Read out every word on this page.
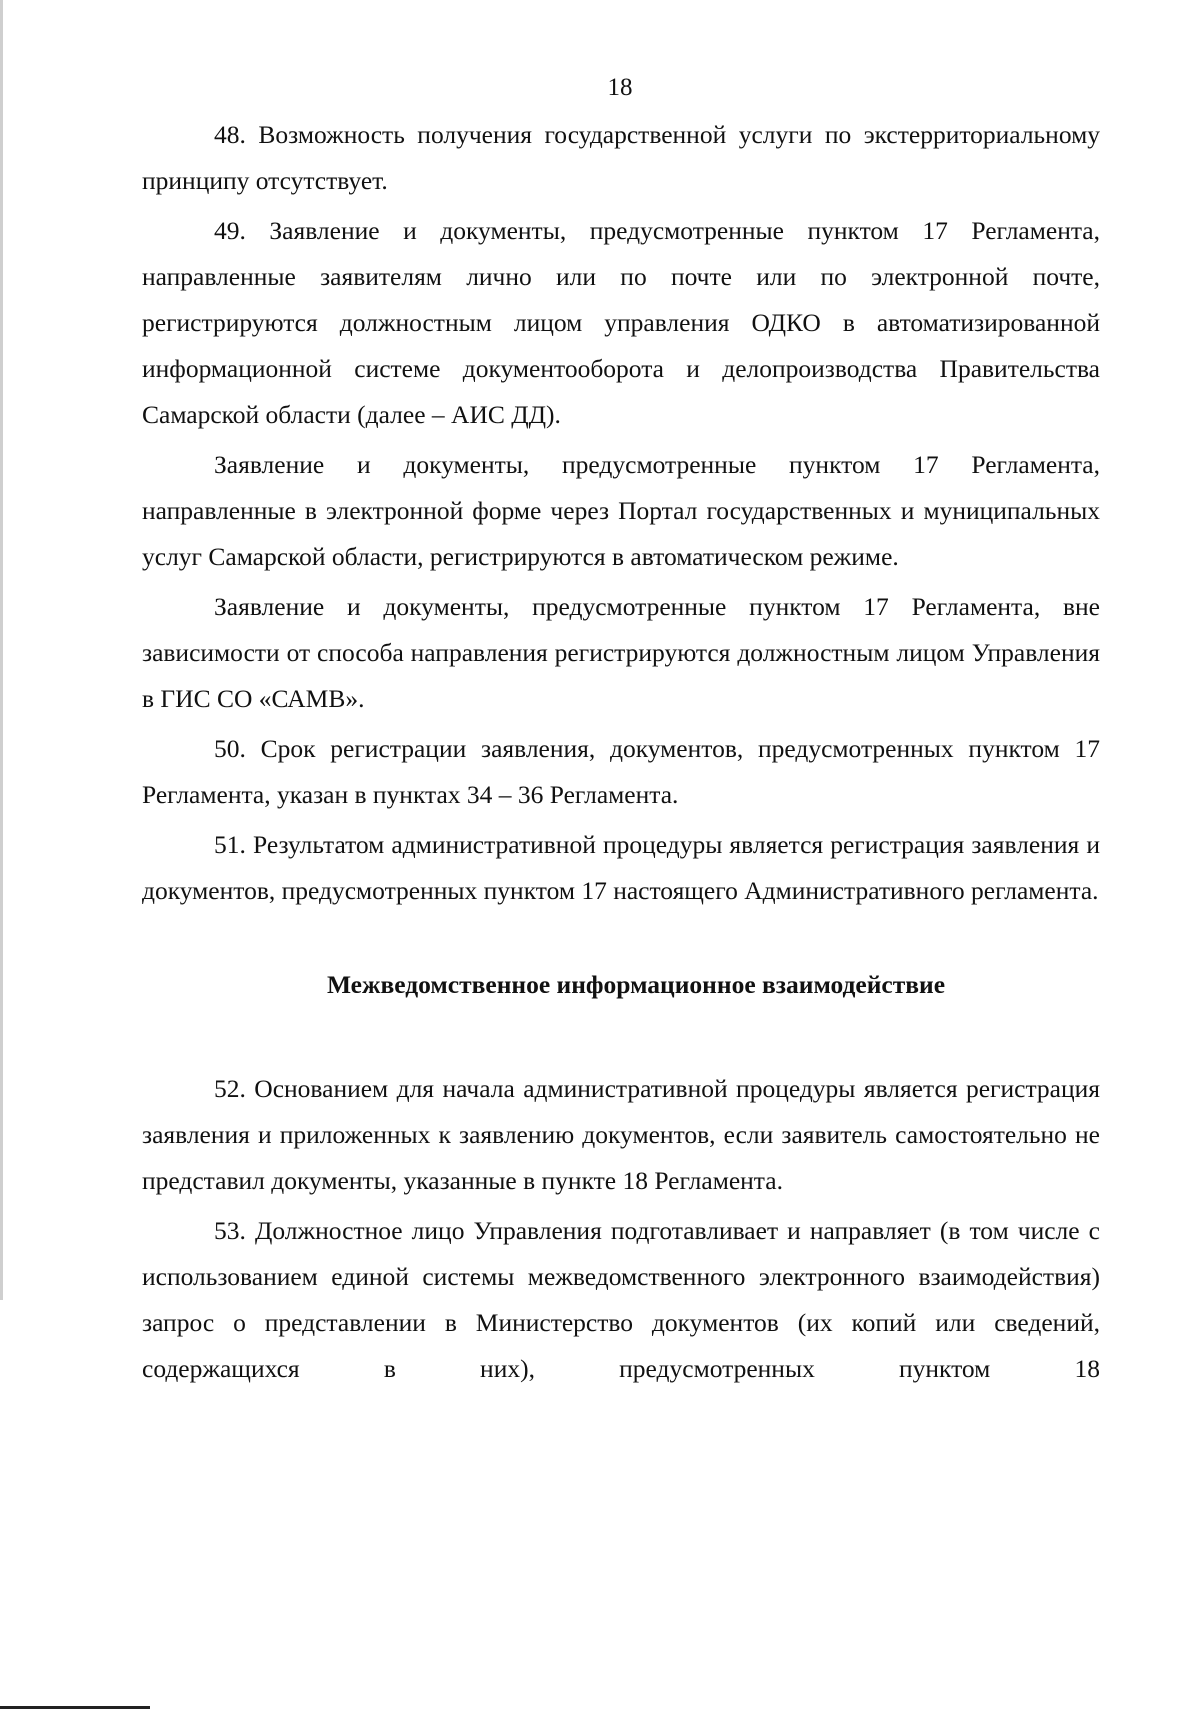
18

48. Возможность получения государственной услуги по экстерриториальному принципу отсутствует.

49. Заявление и документы, предусмотренные пунктом 17 Регламента, направленные заявителям лично или по почте или по электронной почте, регистрируются должностным лицом управления ОДКО в автоматизированной информационной системе документооборота и делопроизводства Правительства Самарской области (далее – АИС ДД).

Заявление и документы, предусмотренные пунктом 17 Регламента, направленные в электронной форме через Портал государственных и муниципальных услуг Самарской области, регистрируются в автоматическом режиме.

Заявление и документы, предусмотренные пунктом 17 Регламента, вне зависимости от способа направления регистрируются должностным лицом Управления в ГИС СО «САМВ».

50. Срок регистрации заявления, документов, предусмотренных пунктом 17 Регламента, указан в пунктах 34 – 36 Регламента.

51. Результатом административной процедуры является регистрация заявления и документов, предусмотренных пунктом 17 настоящего Административного регламента.

Межведомственное информационное взаимодействие

52. Основанием для начала административной процедуры является регистрация заявления и приложенных к заявлению документов, если заявитель самостоятельно не представил документы, указанные в пункте 18 Регламента.

53. Должностное лицо Управления подготавливает и направляет (в том числе с использованием единой системы межведомственного электронного взаимодействия) запрос о представлении в Министерство документов (их копий или сведений, содержащихся в них), предусмотренных пунктом 18
